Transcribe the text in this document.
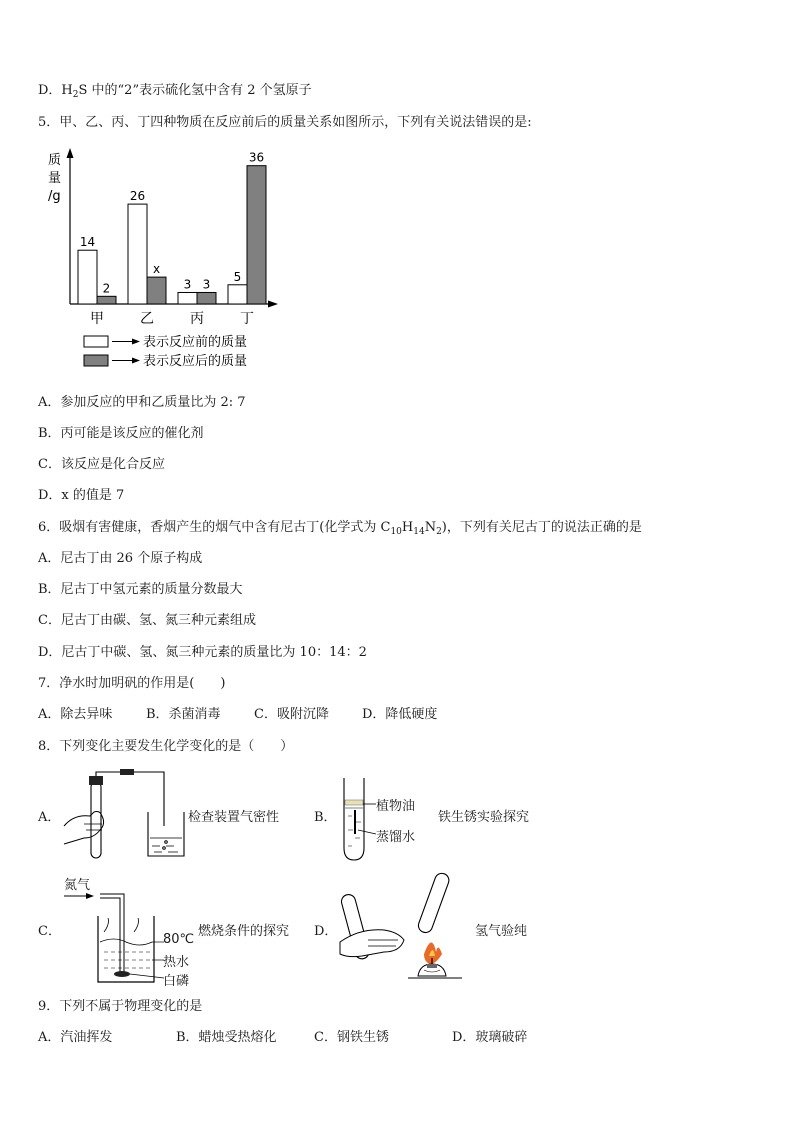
D．$H_2S$ 中的“2”表示硫化氢中含有 2 个氢原子
5．甲、乙、丙、丁四种物质在反应前后的质量关系如图所示，下列有关说法错误的是:
质
量
/g
14
2
甲
26
x
乙
3 3
丙
5
36
丁
表示反应前的质量
表示反应后的质量
A．参加反应的甲和乙质量比为 2: 7
B．丙可能是该反应的催化剂
C．该反应是化合反应
D．x 的值是 7
6．吸烟有害健康，香烟产生的烟气中含有尼古丁(化学式为 $C_{10}H_{14}N_2$)，下列有关尼古丁的说法正确的是
A．尼古丁由 26 个原子构成
B．尼古丁中氢元素的质量分数最大
C．尼古丁由碳、氢、氮三种元素组成
D．尼古丁中碳、氢、氮三种元素的质量比为 10：14：2
7．净水时加明矾的作用是(　　)
A．除去异味	B．杀菌消毒	C．吸附沉降	D．降低硬度
8．下列变化主要发生化学变化的是（　　）
A．	检查装置气密性	B．
植物油
蒸馏水
铁生锈实验探究
C．
氮气
80℃
热水
白磷
燃烧条件的探究 D．	氢气验纯
9．下列不属于物理变化的是
A．汽油挥发	B．蜡烛受热熔化	C．钢铁生锈	D．玻璃破碎
